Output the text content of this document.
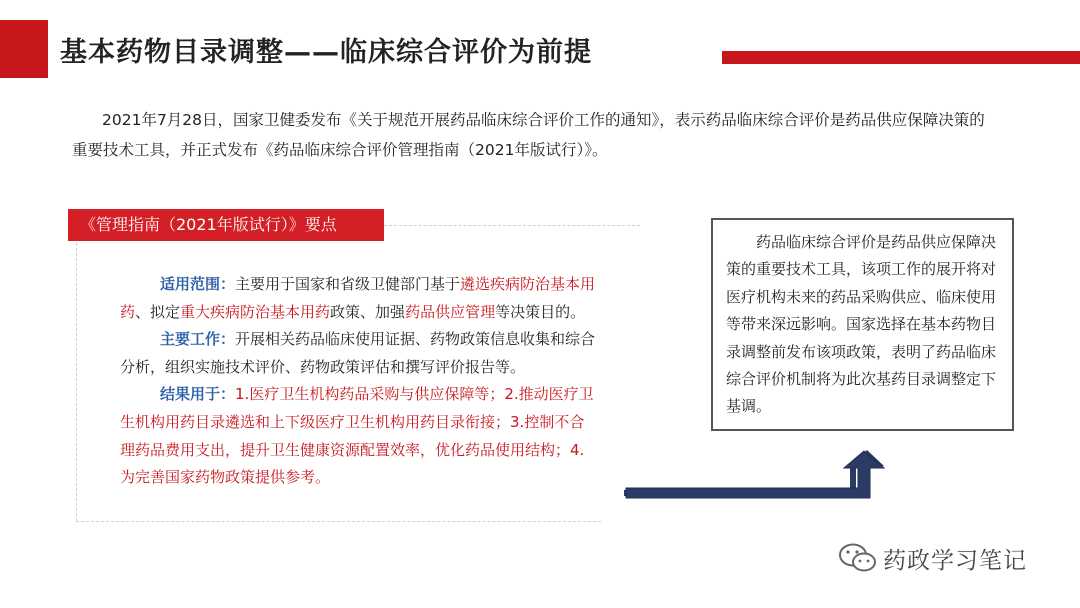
基本药物目录调整——临床综合评价为前提

2021年7月28日，国家卫健委发布《关于规范开展药品临床综合评价工作的通知》，表示药品临床综合评价是药品供应保障决策的重要技术工具，并正式发布《药品临床综合评价管理指南（2021年版试行）》。

《管理指南（2021年版试行）》要点

适用范围：主要用于国家和省级卫健部门基于遴选疾病防治基本用药、拟定重大疾病防治基本用药政策、加强药品供应管理等决策目的。

主要工作：开展相关药品临床使用证据、药物政策信息收集和综合分析，组织实施技术评价、药物政策评估和撰写评价报告等。

结果用于：1.医疗卫生机构药品采购与供应保障等；2.推动医疗卫生机构用药目录遴选和上下级医疗卫生机构用药目录衔接；3.控制不合理药品费用支出，提升卫生健康资源配置效率，优化药品使用结构；4.为完善国家药物政策提供参考。

药品临床综合评价是药品供应保障决策的重要技术工具，该项工作的展开将对医疗机构未来的药品采购供应、临床使用等带来深远影响。国家选择在基本药物目录调整前发布该项政策，表明了药品临床综合评价机制将为此次基药目录调整定下基调。

药政学习笔记
